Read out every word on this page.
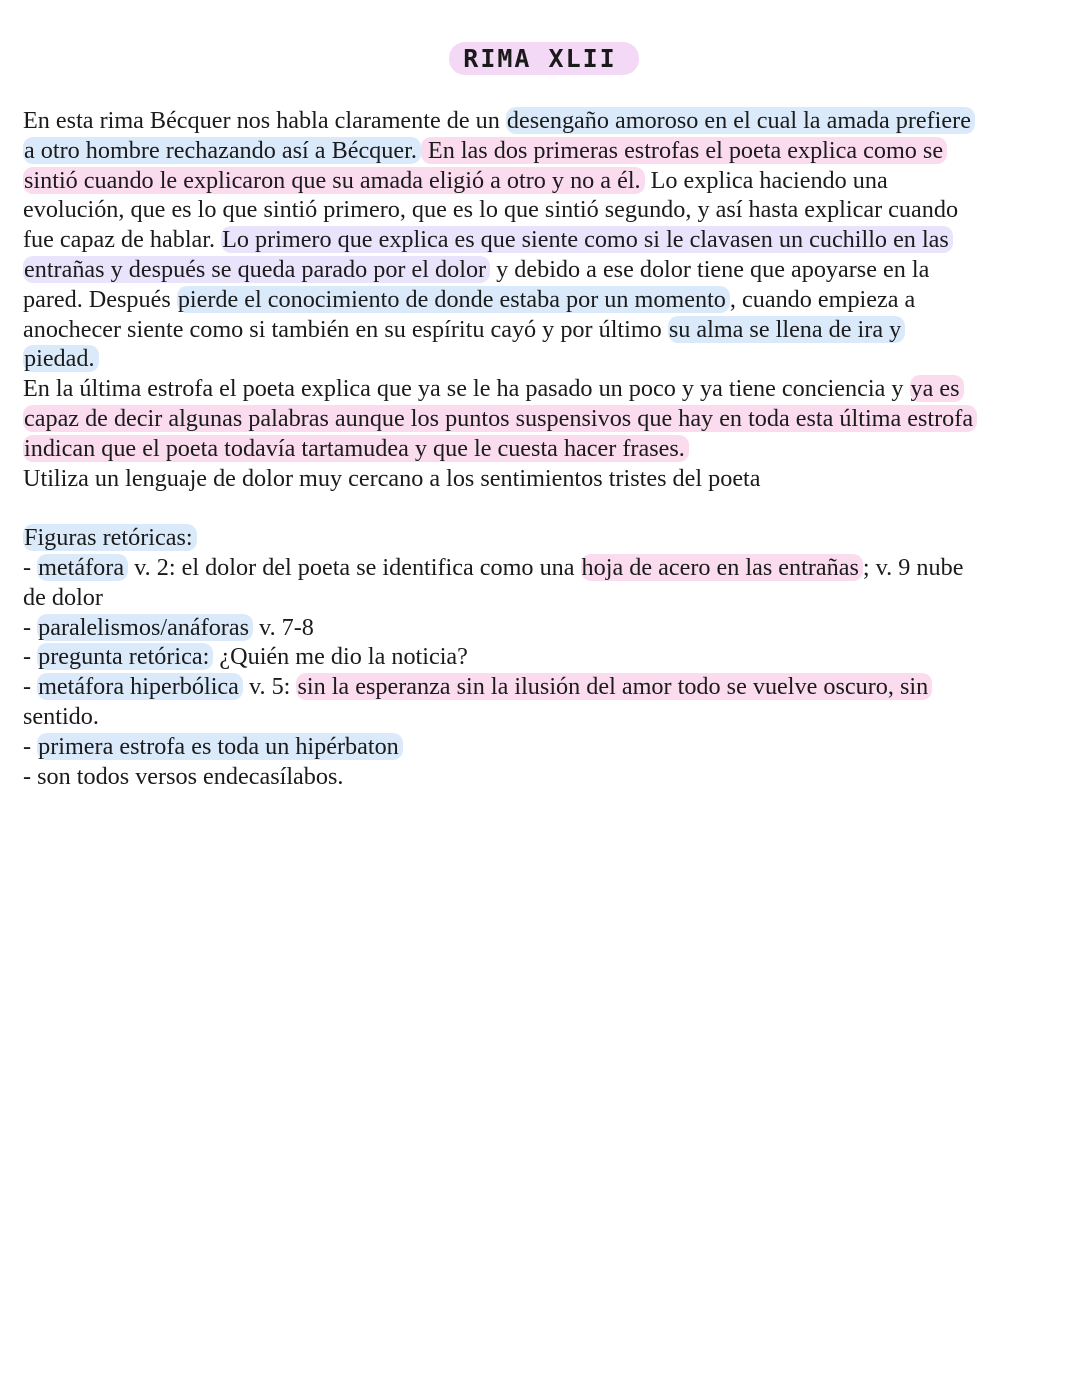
RIMA XLII
En esta rima Bécquer nos habla claramente de un desengaño amoroso en el cual la amada prefiere
a otro hombre rechazando así a Bécquer. En las dos primeras estrofas el poeta explica como se
sintió cuando le explicaron que su amada eligió a otro y no a él. Lo explica haciendo una
evolución, que es lo que sintió primero, que es lo que sintió segundo, y así hasta explicar cuando
fue capaz de hablar. Lo primero que explica es que siente como si le clavasen un cuchillo en las
entrañas y después se queda parado por el dolor y debido a ese dolor tiene que apoyarse en la
pared. Después pierde el conocimiento de donde estaba por un momento , cuando empieza a
anochecer siente como si también en su espíritu cayó y por último su alma se llena de ira y
piedad.
En la última estrofa el poeta explica que ya se le ha pasado un poco y ya tiene conciencia y ya es
capaz de decir algunas palabras aunque los puntos suspensivos que hay en toda esta última estrofa
indican que el poeta todavía tartamudea y que le cuesta hacer frases.
Utiliza un lenguaje de dolor muy cercano a los sentimientos tristes del poeta
Figuras retóricas:
- metáfora v. 2: el dolor del poeta se identifica como una hoja de acero en las entrañas ; v. 9 nube
de dolor
- paralelismos/anáforas v. 7-8
- pregunta retórica: ¿Quién me dio la noticia?
- metáfora hiperbólica v. 5: sin la esperanza sin la ilusión del amor todo se vuelve oscuro, sin
sentido.
- primera estrofa es toda un hipérbaton
- son todos versos endecasílabos.
